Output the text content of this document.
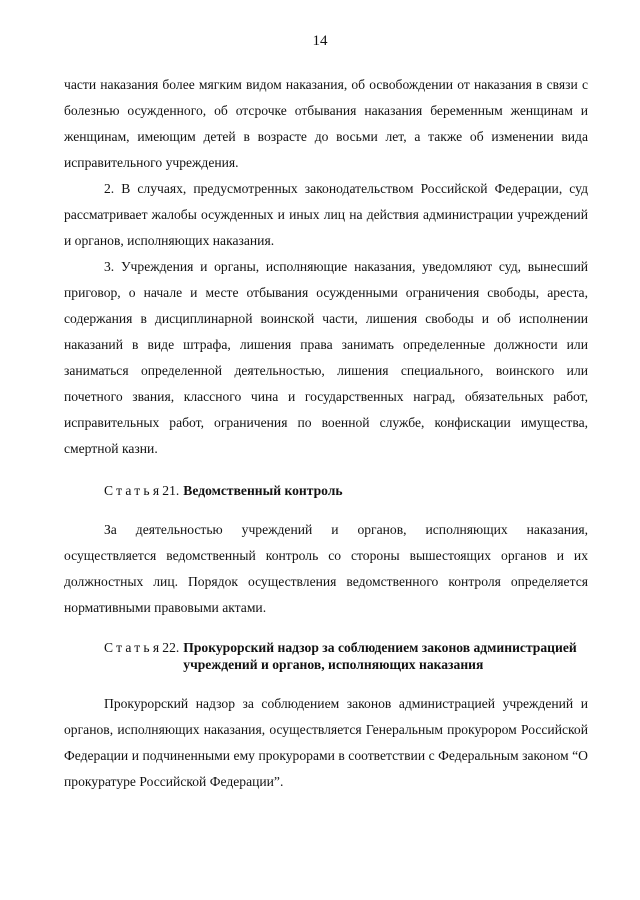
14

части наказания более мягким видом наказания, об освобождении от наказания в связи с болезнью осужденного, об отсрочке отбывания наказания беременным женщинам и женщинам, имеющим детей в возрасте до восьми лет, а также об изменении вида исправительного учреждения.

2. В случаях, предусмотренных законодательством Российской Федерации, суд рассматривает жалобы осужденных и иных лиц на действия администрации учреждений и органов, исполняющих наказания.

3. Учреждения и органы, исполняющие наказания, уведомляют суд, вынесший приговор, о начале и месте отбывания осужденными ограничения свободы, ареста, содержания в дисциплинарной воинской части, лишения свободы и об исполнении наказаний в виде штрафа, лишения права занимать определенные должности или заниматься определенной деятельностью, лишения специального, воинского или почетного звания, классного чина и государственных наград, обязательных работ, исправительных работ, ограничения по военной службе, конфискации имущества, смертной казни.

Статья 21. Ведомственный контроль

За деятельностью учреждений и органов, исполняющих наказания, осуществляется ведомственный контроль со стороны вышестоящих органов и их должностных лиц. Порядок осуществления ведомственного контроля определяется нормативными правовыми актами.

Статья 22. Прокурорский надзор за соблюдением законов администрацией учреждений и органов, исполняющих наказания

Прокурорский надзор за соблюдением законов администрацией учреждений и органов, исполняющих наказания, осуществляется Генеральным прокурором Российской Федерации и подчиненными ему прокурорами в соответствии с Федеральным законом “О прокуратуре Российской Федерации”.
